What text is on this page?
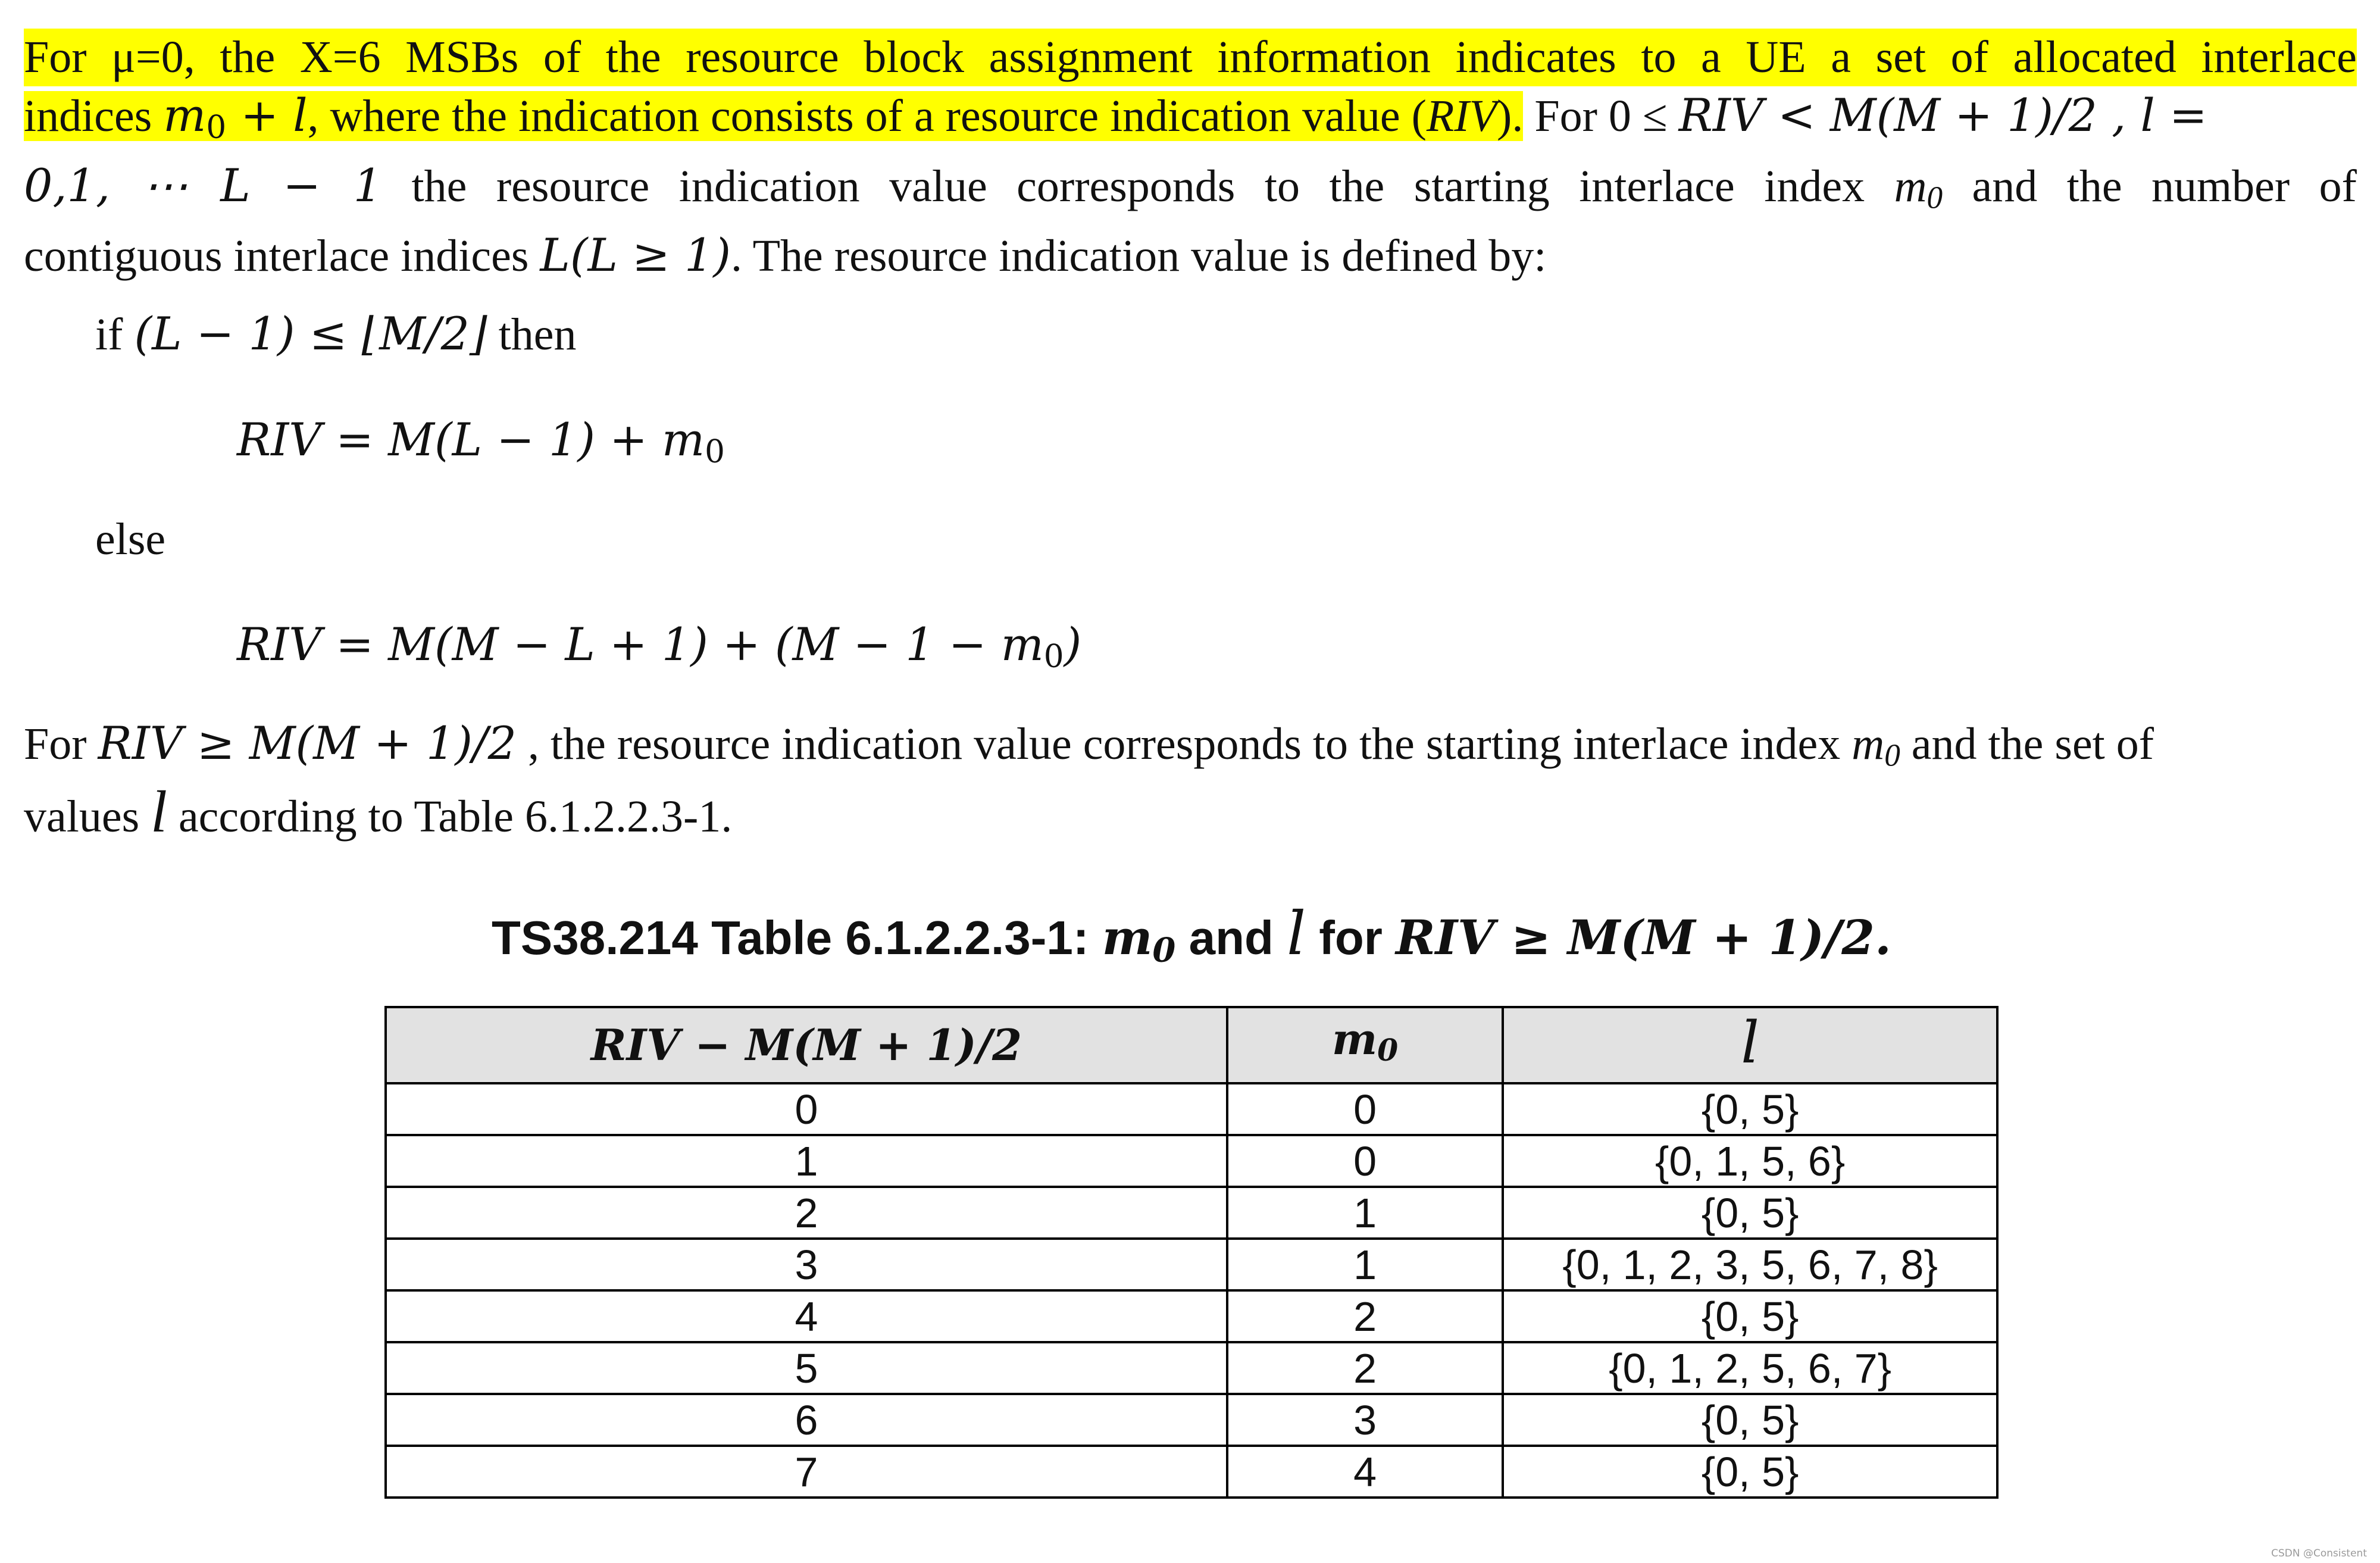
For μ=0, the X=6 MSBs of the resource block assignment information indicates to a UE a set of allocated interlace
indices $m_0 + l$, where the indication consists of a resource indication value (RIV). For 0 ≤ RIV < M(M + 1)/2 , l =
0,1, ⋯ L − 1 the resource indication value corresponds to the starting interlace index m0 and the number of
contiguous interlace indices L(L ≥ 1). The resource indication value is defined by:
if (L − 1) ≤ ⌊M/2⌋ then
RIV = $M(L - 1) + m_0$
else
RIV = $M(M - L + 1) + (M - 1 - m_0)$
For RIV ≥ M(M + 1)/2 , the resource indication value corresponds to the starting interlace index m0 and the set of
values l according to Table 6.1.2.2.3-1.
TS38.214 Table 6.1.2.2.3-1: m0 and l for RIV ≥ M(M + 1)/2.
RIV − M(M + 1)/2	m0	l
0	0	{0, 5}
1	0	{0, 1, 5, 6}
2	1	{0, 5}
3	1	{0, 1, 2, 3, 5, 6, 7, 8}
4	2	{0, 5}
5	2	{0, 1, 2, 5, 6, 7}
6	3	{0, 5}
7	4	{0, 5}
CSDN @Consistent
